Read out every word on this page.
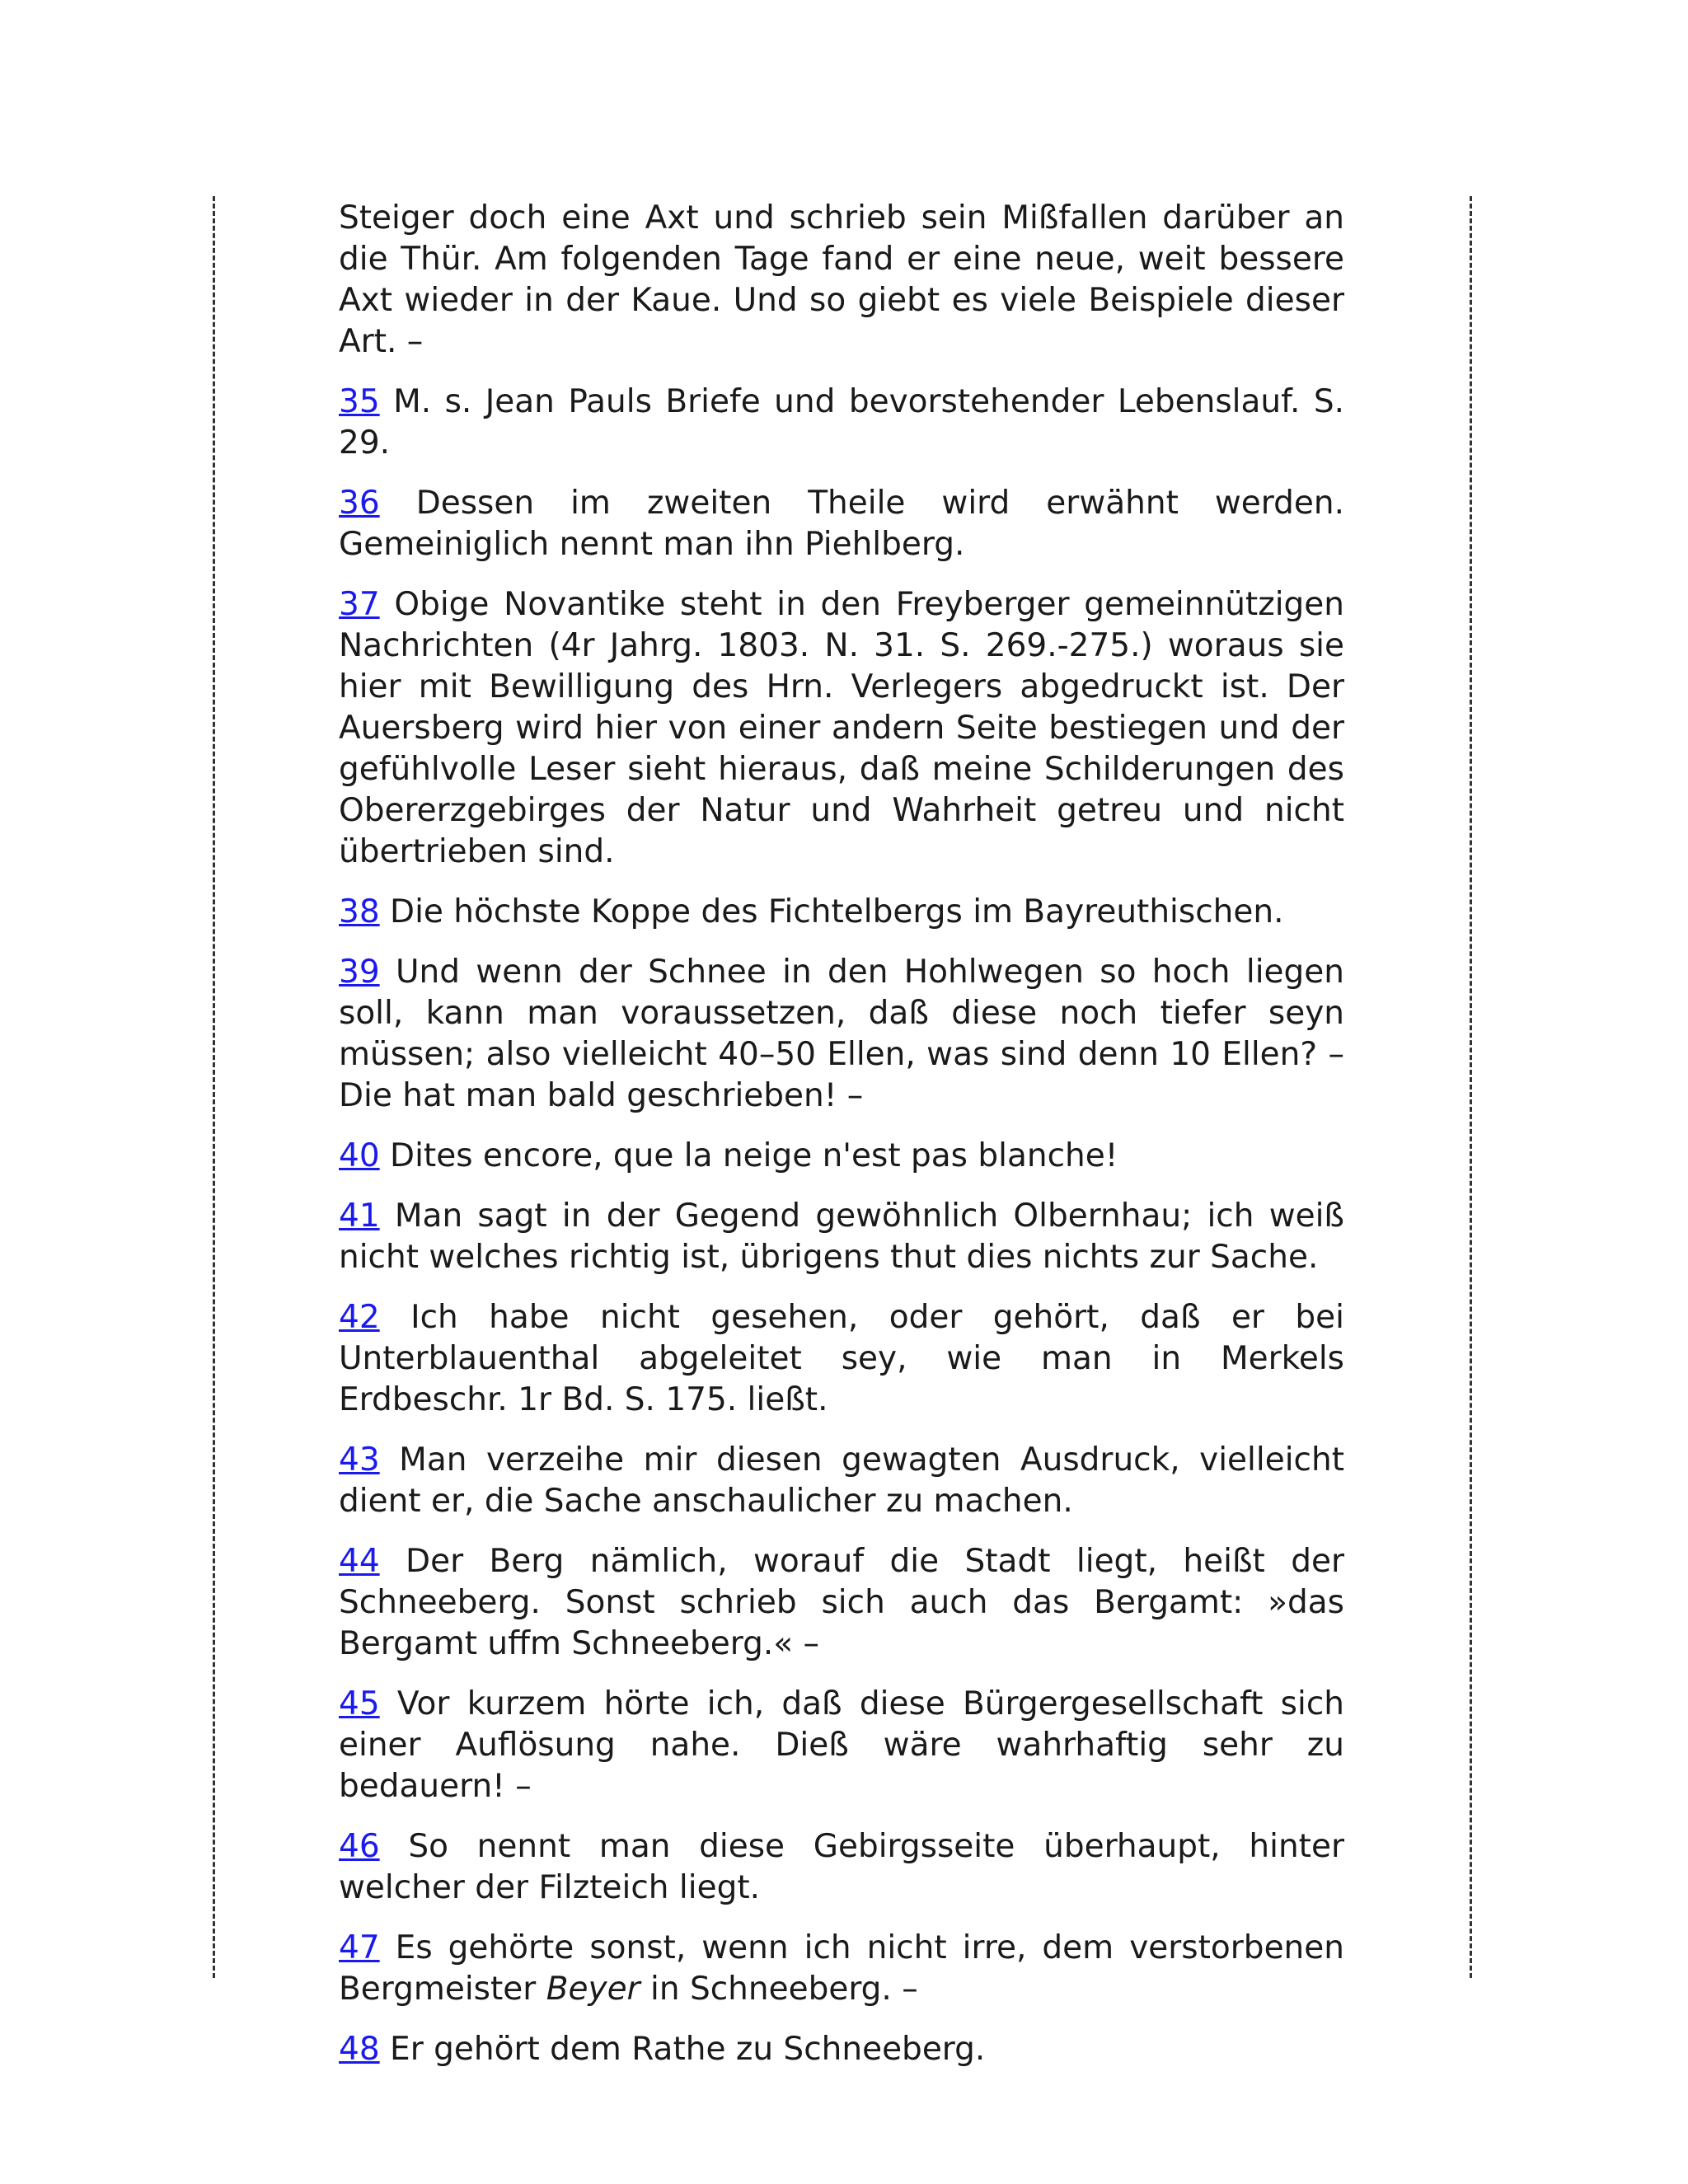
Steiger doch eine Axt und schrieb sein Mißfallen darüber an die Thür. Am folgenden Tage fand er eine neue, weit bessere Axt wieder in der Kaue. Und so giebt es viele Beispiele dieser Art. –

35 M. s. Jean Pauls Briefe und bevorstehender Lebenslauf. S. 29.

36 Dessen im zweiten Theile wird erwähnt werden. Gemeiniglich nennt man ihn Piehlberg.

37 Obige Novantike steht in den Freyberger gemeinnützigen Nachrichten (4r Jahrg. 1803. N. 31. S. 269.-275.) woraus sie hier mit Bewilligung des Hrn. Verlegers abgedruckt ist. Der Auersberg wird hier von einer andern Seite bestiegen und der gefühlvolle Leser sieht hieraus, daß meine Schilderungen des Obererzgebirges der Natur und Wahrheit getreu und nicht übertrieben sind.

38 Die höchste Koppe des Fichtelbergs im Bayreuthischen.

39 Und wenn der Schnee in den Hohlwegen so hoch liegen soll, kann man voraussetzen, daß diese noch tiefer seyn müssen; also vielleicht 40–50 Ellen, was sind denn 10 Ellen? – Die hat man bald geschrieben! –

40 Dites encore, que la neige n'est pas blanche!

41 Man sagt in der Gegend gewöhnlich Olbernhau; ich weiß nicht welches richtig ist, übrigens thut dies nichts zur Sache.

42 Ich habe nicht gesehen, oder gehört, daß er bei Unterblauenthal abgeleitet sey, wie man in Merkels Erdbeschr. 1r Bd. S. 175. ließt.

43 Man verzeihe mir diesen gewagten Ausdruck, vielleicht dient er, die Sache anschaulicher zu machen.

44 Der Berg nämlich, worauf die Stadt liegt, heißt der Schneeberg. Sonst schrieb sich auch das Bergamt: »das Bergamt uffm Schneeberg.« –

45 Vor kurzem hörte ich, daß diese Bürgergesellschaft sich einer Auflösung nahe. Dieß wäre wahrhaftig sehr zu bedauern! –

46 So nennt man diese Gebirgsseite überhaupt, hinter welcher der Filzteich liegt.

47 Es gehörte sonst, wenn ich nicht irre, dem verstorbenen Bergmeister Beyer in Schneeberg. –

48 Er gehört dem Rathe zu Schneeberg.
